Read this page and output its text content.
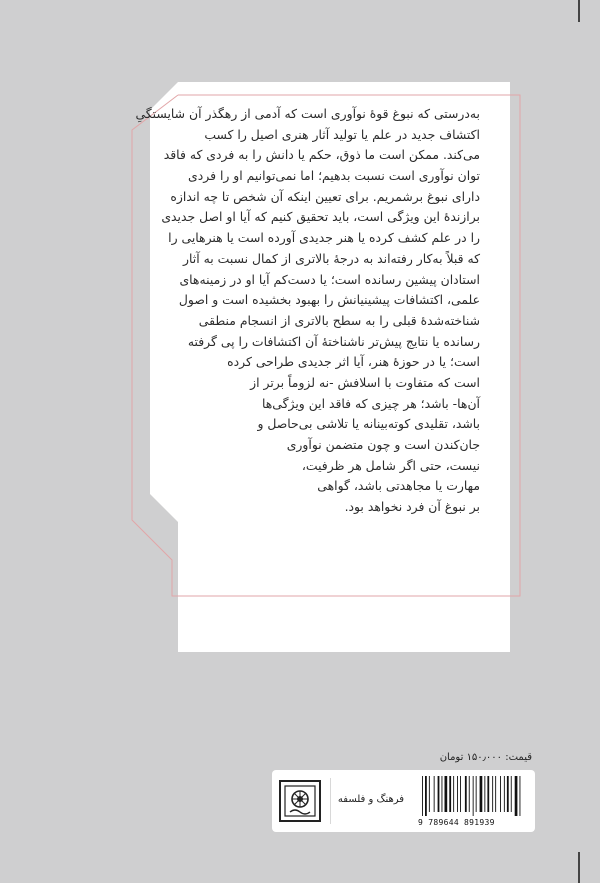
به‌درستی که نبوغ قوهٔ نوآوری است که آدمی از رهگذر آن شایستگیِ
اکتشاف جدید در علم یا تولید آثار هنری اصیل را کسب
می‌کند. ممکن است ما ذوق، حکم یا دانش را به فردی که فاقد
توان نوآوری است نسبت بدهیم؛ اما نمی‌توانیم او را فردی
دارای نبوغ برشمریم. برای تعیین اینکه آن شخص تا چه اندازه
برازندهٔ این ویژگی است، باید تحقیق کنیم که آیا او اصل جدیدی
را در علم کشف کرده یا هنر جدیدی آورده است یا هنرهایی را
که قبلاً به‌کار رفته‌اند به درجهٔ بالاتری از کمال نسبت به آثار
استادان پیشین رسانده است؛ یا دست‌کم آیا او در زمینه‌های
علمی، اکتشافات پیشینیانش را بهبود بخشیده است و اصول
شناخته‌شدهٔ قبلی را به سطح بالاتری از انسجام منطقی
رسانده یا نتایج پیش‌تر ناشناختهٔ آن اکتشافات را پی گرفته
است؛ یا در حوزهٔ هنر، آیا اثر جدیدی طراحی کرده
است که متفاوت با اسلافش -نه لزوماً برتر از
آن‌ها- باشد؛ هر چیزی که فاقد این ویژگی‌ها
باشد، تقلیدی کوته‌بینانه یا تلاشی بی‌حاصل و
جان‌کندن است و چون متضمن نوآوری
نیست، حتی اگر شامل هر ظرفیت،
مهارت یا مجاهدتی باشد، گواهی
بر نبوغ آن فرد نخواهد بود.
قیمت: ۱۵۰٫۰۰۰ تومان
فرهنگ و فلسفه
9 789644 891939
